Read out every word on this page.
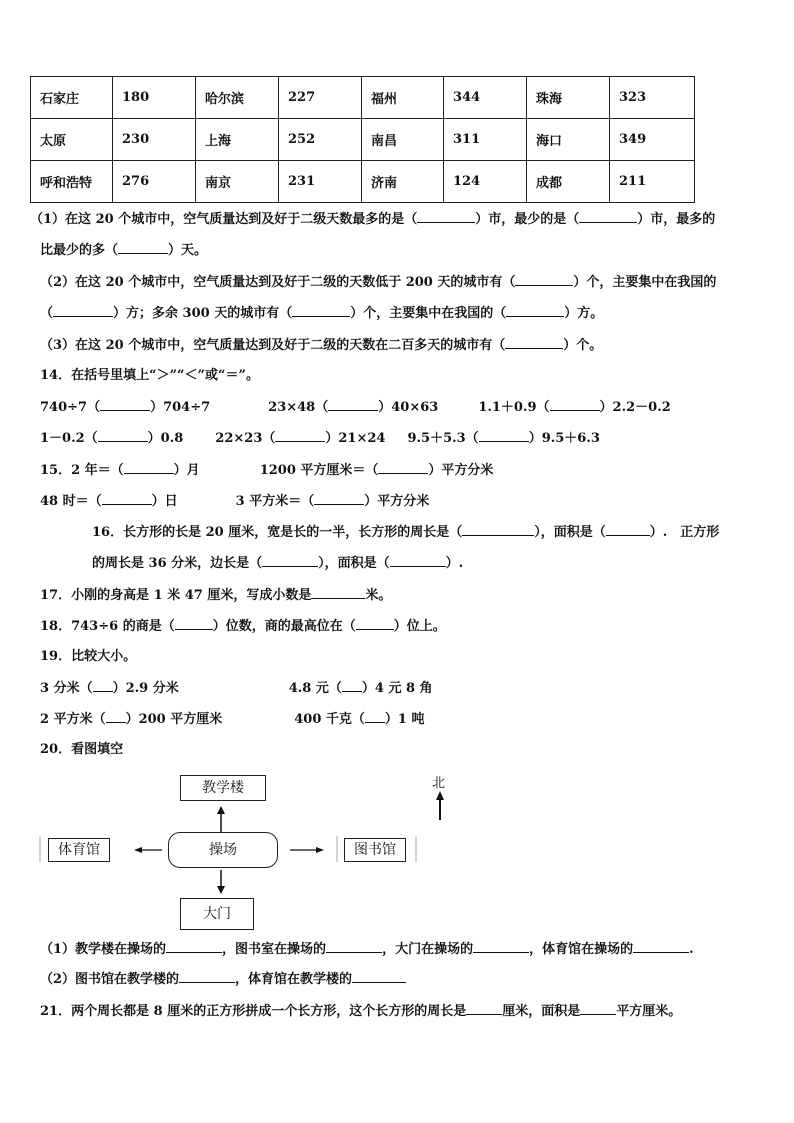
石家庄	180	哈尔滨	227	福州	344	珠海	323
太原	230	上海	252	南昌	311	海口	349
呼和浩特	276	南京	231	济南	124	成都	211
（1）在这 20 个城市中，空气质量达到及好于二级天数最多的是（	）市，最少的是（	）市，最多的
比最少的多（	）天。
（2）在这 20 个城市中，空气质量达到及好于二级的天数低于 200 天的城市有（	）个，主要集中在我国的
（	）方；多余 300 天的城市有（	）个，主要集中在我国的（	）方。
（3）在这 20 个城市中，空气质量达到及好于二级的天数在二百多天的城市有（	）个。
14．在括号里填上“＞”“＜”或“＝”。
740÷7（	）704÷7	23×48（	）40×63	1.1＋0.9（	）2.2－0.2
1－0.2（	）0.8 22×23（	）21×24 9.5＋5.3（	）9.5＋6.3
15．2 年＝（	）月	1200 平方厘米＝（	）平方分米
48 时＝（	）日	3 平方米＝（	）平方分米
16．长方形的长是 20 厘米，宽是长的一半，长方形的周长是（	），面积是（	）.　正方形
的周长是 36 分米，边长是（	），面积是（	）.
17．小刚的身高是 1 米 47 厘米，写成小数是	米。
18．743÷6 的商是（	）位数，商的最高位在（	）位上。
19．比较大小。
3 分米（ ）2.9 分米	4.8 元（ ）4 元 8 角
2 平方米（ ）200 平方厘米	400 千克（ ）1 吨
20．看图填空
教学楼
操场
体育馆	图书馆
大门
北
（1）教学楼在操场的	，图书室在操场的	，大门在操场的	，体育馆在操场的	.
（2）图书馆在教学楼的	，体育馆在教学楼的
21．两个周长都是 8 厘米的正方形拼成一个长方形，这个长方形的周长是	厘米，面积是	平方厘米。
